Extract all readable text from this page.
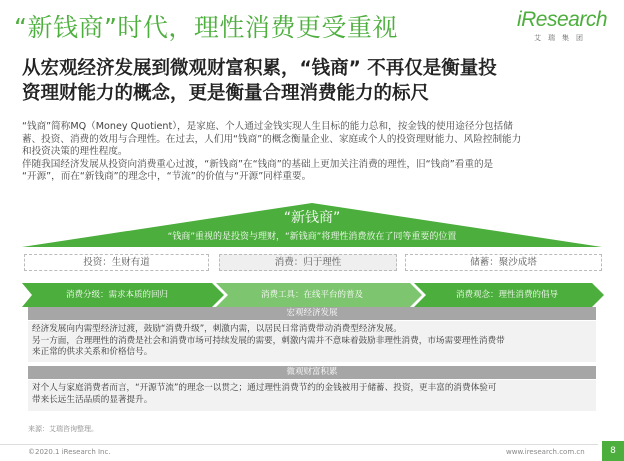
“新钱商”时代，理性消费更受重视	iResearch
艾瑞集团
从宏观经济发展到微观财富积累，“钱商” 不再仅是衡量投
资理财能力的概念，更是衡量合理消费能力的标尺
“钱商”简称MQ（Money Quotient），是家庭、个人通过金钱实现人生目标的能力总和，按金钱的使用途径分包括储
蓄、投资、消费的效用与合理性。在过去，人们用“钱商”的概念衡量企业、家庭或个人的投资理财能力、风险控制能力
和投资决策的理性程度。
伴随我国经济发展从投资向消费重心过渡，“新钱商”在“钱商”的基础上更加关注消费的理性，旧“钱商”看重的是
“开源”，而在“新钱商”的理念中，“节流”的价值与“开源”同样重要。
“新钱商”
“钱商”重视的是投资与理财，“新钱商”将理性消费放在了同等重要的位置
投资：生财有道	消费：归于理性	储蓄：聚沙成塔
消费分级：需求本质的回归	消费工具：在线平台的普及	消费观念：理性消费的倡导
宏观经济发展
经济发展向内需型经济过渡，鼓励“消费升级”，刺激内需，以居民日常消费带动消费型经济发展。
另一方面，合理理性的消费是社会和消费市场可持续发展的需要，刺激内需并不意味着鼓励非理性消费，市场需要理性消费带
来正常的供求关系和价格信号。
微观财富积累
对个人与家庭消费者而言，“开源节流”的理念一以贯之；通过理性消费节约的金钱被用于储蓄、投资，更丰富的消费体验可
带来长远生活品质的显著提升。
来源：艾瑞咨询整理。
©2020.1 iResearch Inc.	www.iresearch.com.cn	8
